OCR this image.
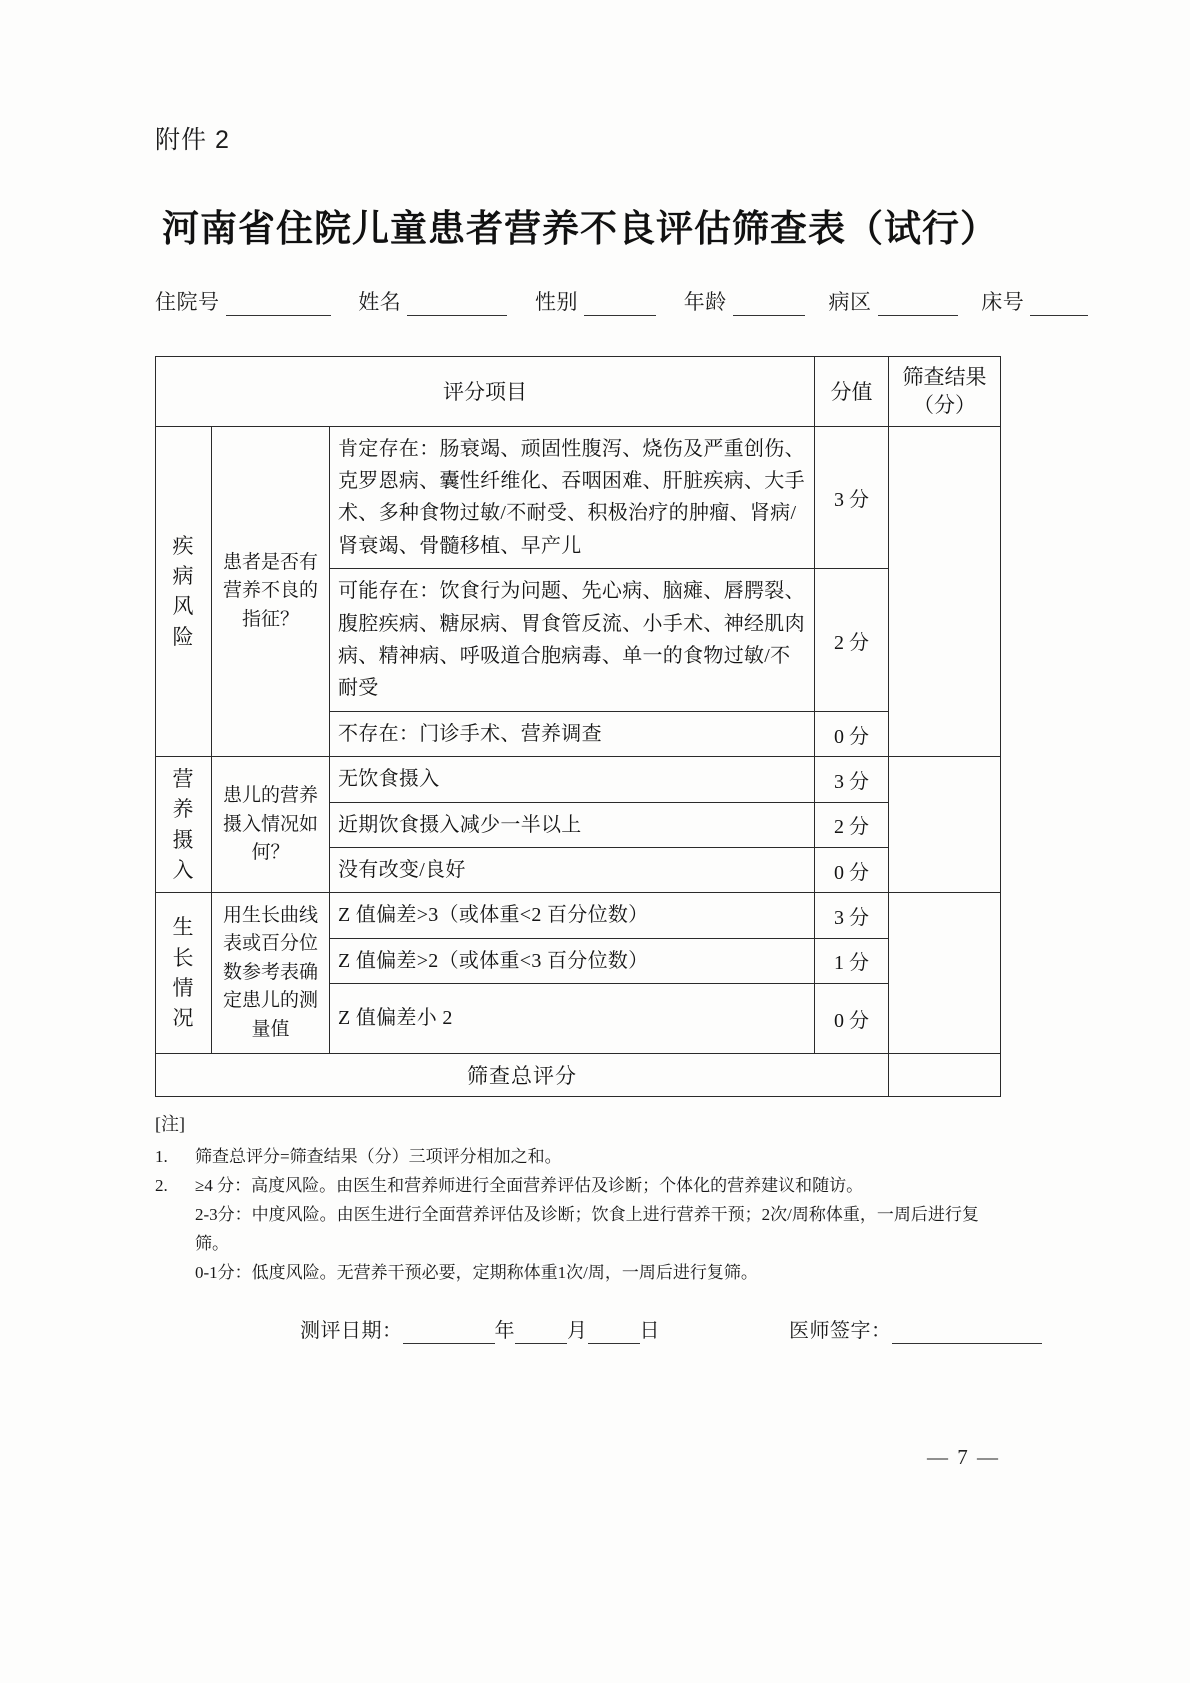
附件 2
河南省住院儿童患者营养不良评估筛查表（试行）
住院号	姓名	性别	年龄	病区	床号
评分项目			分值	筛查结果
（分）

疾病风险	患者是否有营养不良的指征？	肯定存在：肠衰竭、顽固性腹泻、烧伤及严重创伤、克罗恩病、囊性纤维化、吞咽困难、肝脏疾病、大手术、多种食物过敏/不耐受、积极治疗的肿瘤、肾病/肾衰竭、骨髓移植、早产儿	3 分	
		可能存在：饮食行为问题、先心病、脑瘫、唇腭裂、腹腔疾病、糖尿病、胃食管反流、小手术、神经肌肉病、精神病、呼吸道合胞病毒、单一的食物过敏/不耐受	2 分	
		不存在：门诊手术、营养调查	0 分	
营养摄入	患儿的营养摄入情况如何？	无饮食摄入	3 分	
		近期饮食摄入减少一半以上	2 分	
		没有改变/良好	0 分	
生长情况	用生长曲线表或百分位数参考表确定患儿的测量值	Z 值偏差>3（或体重<2 百分位数）	3 分	
		Z 值偏差>2（或体重<3 百分位数）	1 分	
		Z 值偏差小 2	0 分	
筛查总评分				
[注]
1.	筛查总评分=筛查结果（分）三项评分相加之和。
2.	≥4 分：高度风险。由医生和营养师进行全面营养评估及诊断；个体化的营养建议和随访。
2-3分：中度风险。由医生进行全面营养评估及诊断；饮食上进行营养干预；2次/周称体重，一周后进行复筛。
0-1分：低度风险。无营养干预必要，定期称体重1次/周，一周后进行复筛。
测评日期：	年	月	日	医师签字：
— 7 —
